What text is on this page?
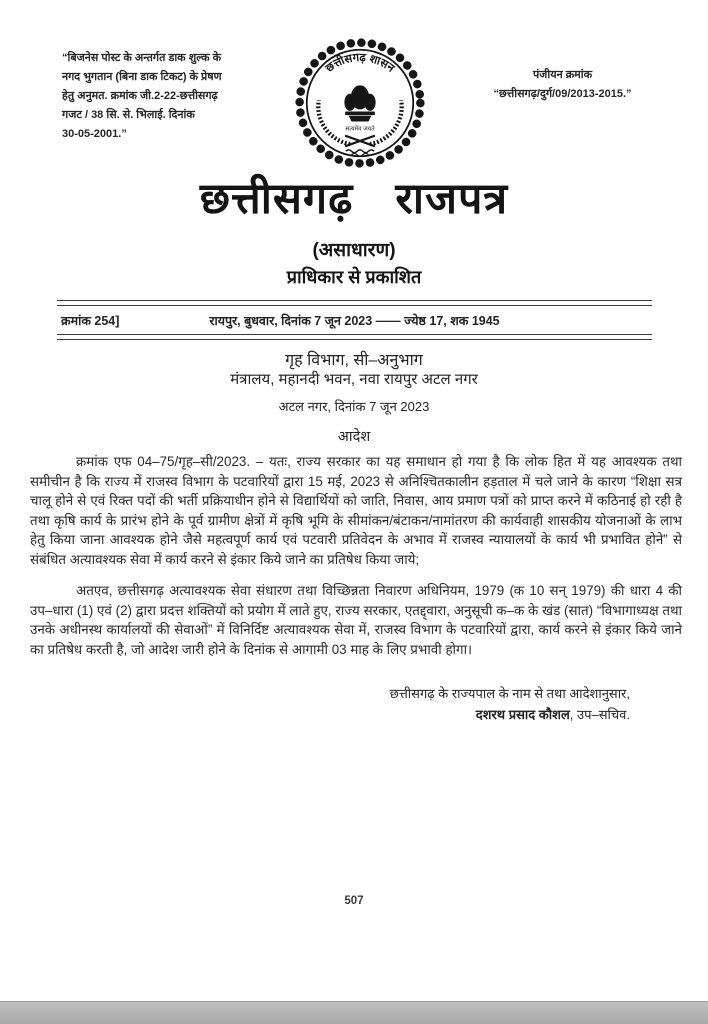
“बिजनेस पोस्ट के अन्तर्गत डाक शुल्क के
नगद भुगतान (बिना डाक टिकट) के प्रेषण
हेतु अनुमत. क्रमांक जी.2-22-छत्तीसगढ़
गजट / 38 सि. से. भिलाई. दिनांक
30-05-2001.”
छत्तीसगढ़ शासन
सत्यमेव जयते
पंजीयन क्रमांक
“छत्तीसगढ़/दुर्ग/09/2013-2015.”
छत्तीसगढ़ राजपत्र
(असाधारण)
प्राधिकार से प्रकाशित
क्रमांक 254]	रायपुर, बुधवार, दिनांक 7 जून 2023 —— ज्येष्ठ 17, शक 1945
गृह विभाग, सी–अनुभाग
मंत्रालय, महानदी भवन, नवा रायपुर अटल नगर
अटल नगर, दिनांक 7 जून 2023
आदेश
क्रमांक एफ 04–75/गृह–सी/2023. – यतः, राज्य सरकार का यह समाधान हो गया है कि लोक हित में यह आवश्यक तथा समीचीन है कि राज्य में राजस्व विभाग के पटवारियों द्वारा 15 मई, 2023 से अनिश्चितकालीन हड़ताल में चले जाने के कारण “शिक्षा सत्र चालू होने से एवं रिक्त पदों की भर्ती प्रक्रियाधीन होने से विद्यार्थियों को जाति, निवास, आय प्रमाण पत्रों को प्राप्त करने में कठिनाई हो रही है तथा कृषि कार्य के प्रारंभ होने के पूर्व ग्रामीण क्षेत्रों में कृषि भूमि के सीमांकन/बंटाकन/नामांतरण की कार्यवाही शासकीय योजनाओं के लाभ हेतु किया जाना आवश्यक होने जैसे महत्वपूर्ण कार्य एवं पटवारी प्रतिवेदन के अभाव में राजस्व न्यायालयों के कार्य भी प्रभावित होने” से संबंधित अत्यावश्यक सेवा में कार्य करने से इंकार किये जाने का प्रतिषेध किया जाये;
अतएव, छत्तीसगढ़ अत्यावश्यक सेवा संधारण तथा विच्छिन्नता निवारण अधिनियम, 1979 (क 10 सन् 1979) की धारा 4 की उप–धारा (1) एवं (2) द्वारा प्रदत्त शक्तियों को प्रयोग में लाते हुए, राज्य सरकार, एतद्द्वारा, अनुसूची क–क के खंड (सात) “विभागाध्यक्ष तथा उनके अधीनस्थ कार्यालयों की सेवाओं” में विनिर्दिष्ट अत्यावश्यक सेवा में, राजस्व विभाग के पटवारियों द्वारा, कार्य करने से इंकार किये जाने का प्रतिषेध करती है, जो आदेश जारी होने के दिनांक से आगामी 03 माह के लिए प्रभावी होगा।
छत्तीसगढ़ के राज्यपाल के नाम से तथा आदेशानुसार,
दशरथ प्रसाद कौशल, उप–सचिव.
507
